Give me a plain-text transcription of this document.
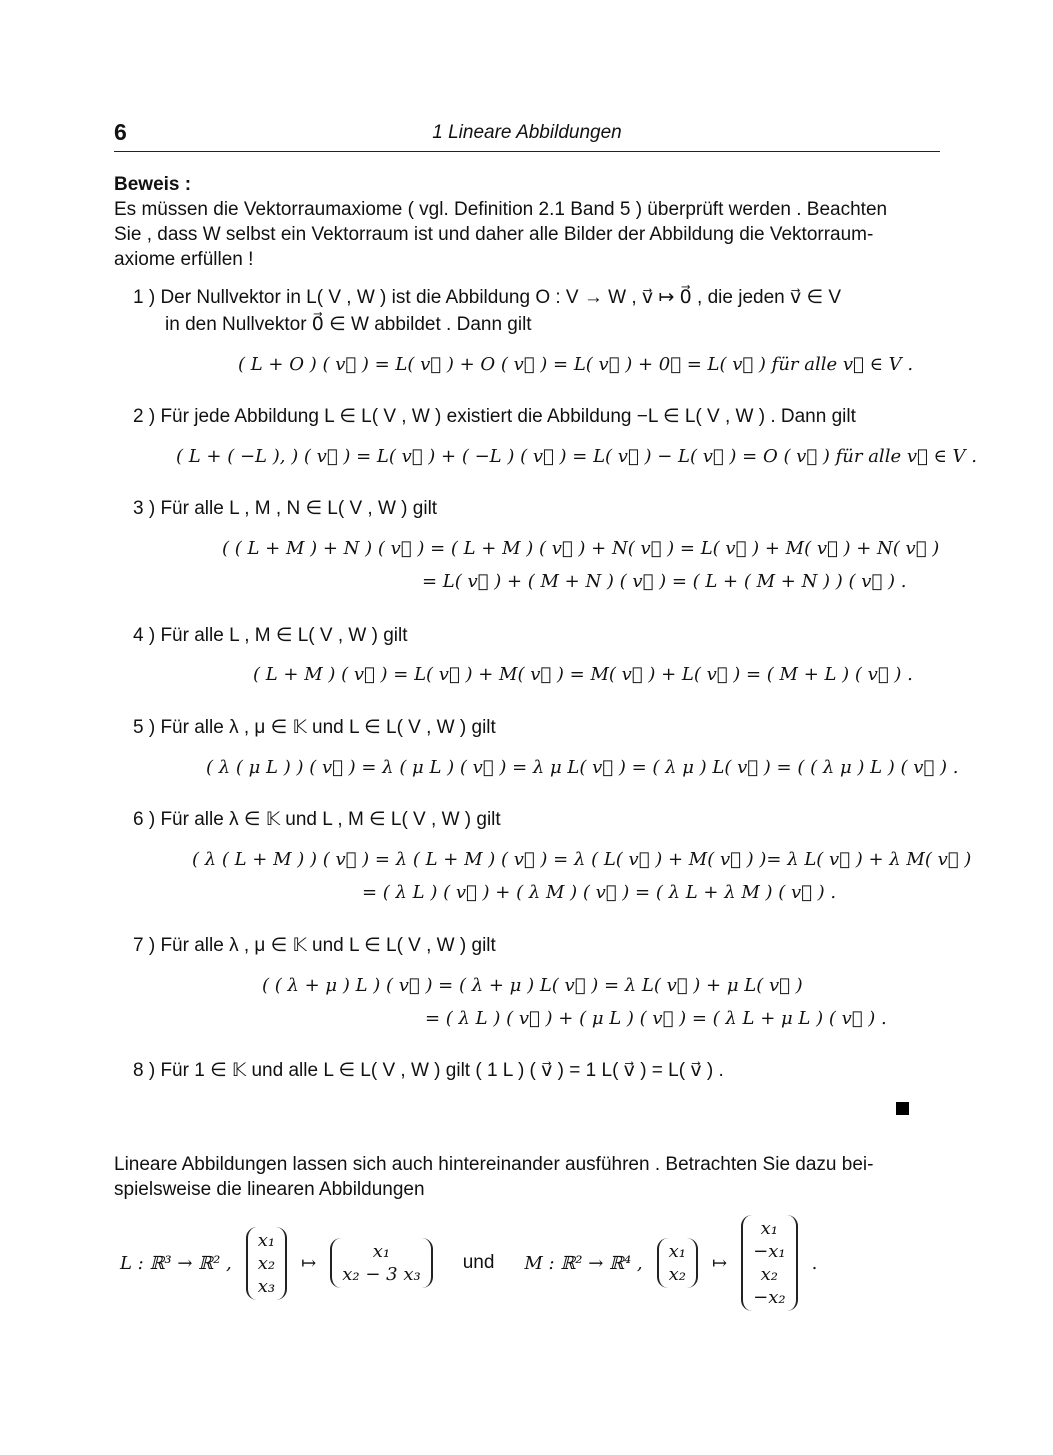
6	1 Lineare Abbildungen
Beweis :
Es müssen die Vektorraumaxiome ( vgl. Definition 2.1 Band 5 ) überprüft werden . Beachten
Sie , dass W selbst ein Vektorraum ist und daher alle Bilder der Abbildung die Vektorraum-
axiome erfüllen !
1 ) Der Nullvektor in L( V , W ) ist die Abbildung O : V → W , v⃗ ↦ 0⃗ , die jeden v⃗ ∈ V
in den Nullvektor 0⃗ ∈ W abbildet . Dann gilt
( L + O ) ( v⃗ ) = L( v⃗ ) + O ( v⃗ ) = L( v⃗ ) + 0⃗ = L( v⃗ ) für alle v⃗ ∈ V .
2 ) Für jede Abbildung L ∈ L( V , W ) existiert die Abbildung −L ∈ L( V , W ) . Dann gilt
( L + ( −L ), ) ( v⃗ ) = L( v⃗ ) + ( −L ) ( v⃗ ) = L( v⃗ ) − L( v⃗ ) = O ( v⃗ ) für alle v⃗ ∈ V .
3 ) Für alle L , M , N ∈ L( V , W ) gilt
( ( L + M ) + N ) ( v⃗ ) = ( L + M ) ( v⃗ ) + N( v⃗ ) = L( v⃗ ) + M( v⃗ ) + N( v⃗ )
= L( v⃗ ) + ( M + N ) ( v⃗ ) = ( L + ( M + N ) ) ( v⃗ ) .
4 ) Für alle L , M ∈ L( V , W ) gilt
( L + M ) ( v⃗ ) = L( v⃗ ) + M( v⃗ ) = M( v⃗ ) + L( v⃗ ) = ( M + L ) ( v⃗ ) .
5 ) Für alle λ , μ ∈ 𝕂 und L ∈ L( V , W ) gilt
( λ ( μ L ) ) ( v⃗ ) = λ ( μ L ) ( v⃗ ) = λ μ L( v⃗ ) = ( λ μ ) L( v⃗ ) = ( ( λ μ ) L ) ( v⃗ ) .
6 ) Für alle λ ∈ 𝕂 und L , M ∈ L( V , W ) gilt
( λ ( L + M ) ) ( v⃗ ) = λ ( L + M ) ( v⃗ ) = λ ( L( v⃗ ) + M( v⃗ ) )= λ L( v⃗ ) + λ M( v⃗ )
= ( λ L ) ( v⃗ ) + ( λ M ) ( v⃗ ) = ( λ L + λ M ) ( v⃗ ) .
7 ) Für alle λ , μ ∈ 𝕂 und L ∈ L( V , W ) gilt
( ( λ + μ ) L ) ( v⃗ ) = ( λ + μ ) L( v⃗ ) = λ L( v⃗ ) + μ L( v⃗ )
= ( λ L ) ( v⃗ ) + ( μ L ) ( v⃗ ) = ( λ L + μ L ) ( v⃗ ) .
8 ) Für 1 ∈ 𝕂 und alle L ∈ L( V , W ) gilt ( 1 L ) ( v⃗ ) = 1 L( v⃗ ) = L( v⃗ ) .
Lineare Abbildungen lassen sich auch hintereinander ausführen . Betrachten Sie dazu bei-
spielsweise die linearen Abbildungen
L : ℝ³ → ℝ² ,
x₁
x₂
x₃
↦
x₁
x₂ − 3 x₃
und M : ℝ² → ℝ⁴ ,
x₁
x₂
↦
x₁
−x₁
x₂
−x₂
.
